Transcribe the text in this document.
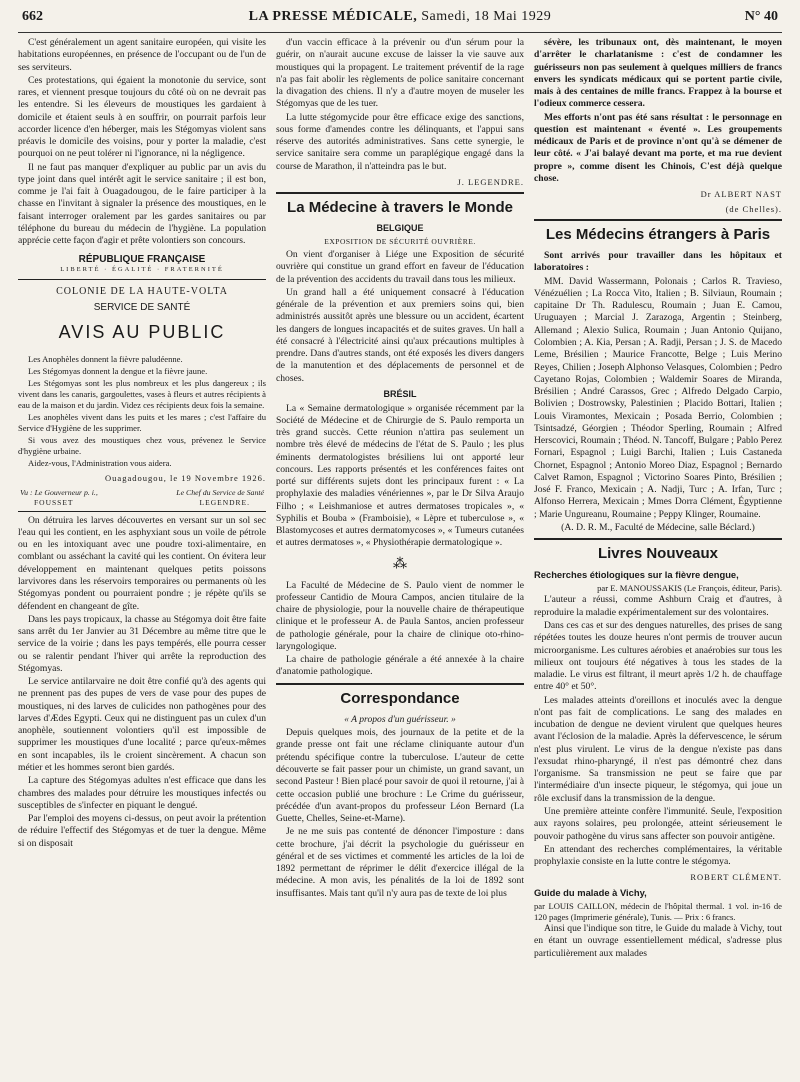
662	LA PRESSE MÉDICALE, Samedi, 18 Mai 1929	N° 40

C'est généralement un agent sanitaire européen, qui visite les habitations européennes, en présence de l'occupant ou de l'un de ses serviteurs.

Ces protestations, qui égaient la monotonie du service, sont rares, et viennent presque toujours du côté où on ne devrait pas les entendre. Si les éleveurs de moustiques les gardaient à domicile et étaient seuls à en souffrir, on pourrait parfois leur accorder licence d'en héberger, mais les Stégomyas violent sans préavis le domicile des voisins, pour y porter la maladie, c'est pourquoi on ne peut tolérer ni l'ignorance, ni la négligence.

Il ne faut pas manquer d'expliquer au public par un avis du type joint dans quel intérêt agit le service sanitaire ; il est bon, comme je l'ai fait à Ouagadougou, de le faire participer à la chasse en l'invitant à signaler la présence des moustiques, en le faisant interroger oralement par les gardes sanitaires ou par téléphone du bureau du médecin de l'hygiène. La population apprécie cette façon d'agir et prête volontiers son concours.

RÉPUBLIQUE FRANÇAISE
LIBERTÉ · ÉGALITÉ · FRATERNITÉ
COLONIE DE LA HAUTE-VOLTA
SERVICE DE SANTÉ
AVIS AU PUBLIC

Les Anophèles donnent la fièvre paludéenne.

Les Stégomyas donnent la dengue et la fièvre jaune.

Les Stégomyas sont les plus nombreux et les plus dangereux ; ils vivent dans les canaris, gargoulettes, vases à fleurs et autres récipients à eau de la maison et du jardin. Videz ces récipients deux fois la semaine.

Les anophèles vivent dans les puits et les mares ; c'est l'affaire du Service d'Hygiène de les supprimer.

Si vous avez des moustiques chez vous, prévenez le Service d'hygiène urbaine.

Aidez-vous, l'Administration vous aidera.

Ouagadougou, le 19 Novembre 1926.
Vu : Le Gouverneur p. i.,	Le Chef du Service de Santé
FOUSSET	LEGENDRE.

On détruira les larves découvertes en versant sur un sol sec l'eau qui les contient, en les asphyxiant sous un voile de pétrole ou en les intoxiquant avec une poudre toxi-alimentaire, en comblant ou asséchant la cavité qui les contient. On évitera leur développement en maintenant quelques petits poissons larvivores dans les réservoirs temporaires ou permanents où les Stégomyas pondent ou pourraient pondre ; je répète qu'ils se défendent en changeant de gîte.

Dans les pays tropicaux, la chasse au Stégomya doit être faite sans arrêt du 1er Janvier au 31 Décembre au même titre que le service de la voirie ; dans les pays tempérés, elle pourra cesser ou se ralentir pendant l'hiver qui arrête la reproduction des Stégomyas.

Le service antilarvaire ne doit être confié qu'à des agents qui ne prennent pas des pupes de vers de vase pour des pupes de moustiques, ni des larves de culicides non pathogènes pour des larves d'Ædes Egypti. Ceux qui ne distinguent pas un culex d'un anophèle, soutiennent volontiers qu'il est impossible de supprimer les moustiques d'une localité ; parce qu'eux-mêmes en sont incapables, ils le croient sincèrement. A chacun son métier et les hommes seront bien gardés.

La capture des Stégomyas adultes n'est efficace que dans les chambres des malades pour détruire les moustiques infectés ou susceptibles de s'infecter en piquant le dengué.

Par l'emploi des moyens ci-dessus, on peut avoir la prétention de réduire l'effectif des Stégomyas et de tuer la dengue. Même si on disposait

d'un vaccin efficace à la prévenir ou d'un sérum pour la guérir, on n'aurait aucune excuse de laisser la vie sauve aux moustiques qui la propagent. Le traitement préventif de la rage n'a pas fait abolir les règlements de police sanitaire concernant la divagation des chiens. Il n'y a d'autre moyen de museler les Stégomyas que de les tuer.

La lutte stégomycide pour être efficace exige des sanctions, sous forme d'amendes contre les délinquants, et l'appui sans réserve des autorités administratives. Sans cette synergie, le service sanitaire sera comme un paraplégique engagé dans la course de Marathon, il n'atteindra pas le but.

J. LEGENDRE.
La Médecine à travers le Monde
BELGIQUE
EXPOSITION DE SÉCURITÉ OUVRIÈRE.

On vient d'organiser à Liége une Exposition de sécurité ouvrière qui constitue un grand effort en faveur de l'éducation de la prévention des accidents du travail dans tous les milieux.

Un grand hall a été uniquement consacré à l'éducation générale de la prévention et aux premiers soins qui, bien administrés aussitôt après une blessure ou un accident, écartent les dangers de longues incapacités et de suites graves. Un hall a été consacré à l'électricité ainsi qu'aux précautions multiples à prendre. Dans d'autres stands, ont été exposés les divers dangers de la manutention et des déplacements de personnel et de choses.

BRÉSIL

La « Semaine dermatologique » organisée récemment par la Société de Médecine et de Chirurgie de S. Paulo remporta un très grand succès. Cette réunion n'attira pas seulement un nombre très élevé de médecins de l'état de S. Paulo ; les plus éminents dermatologistes brésiliens lui ont apporté leur concours. Les rapports présentés et les conférences faites ont porté sur différents sujets dont les principaux furent : « La prophylaxie des maladies vénériennes », par le Dr Silva Araujo Filho ; « Leishmaniose et autres dermatoses tropicales », « Syphilis et Bouba » (Framboisie), « Lèpre et tuberculose », « Blastomycoses et autres dermatomycoses », « Tumeurs cutanées et autres dermatoses », « Physiothérapie dermatologique ».

⁂

La Faculté de Médecine de S. Paulo vient de nommer le professeur Cantidio de Moura Campos, ancien titulaire de la chaire de physiologie, pour la nouvelle chaire de thérapeutique clinique et le professeur A. de Paula Santos, ancien professeur de pathologie générale, pour la chaire de clinique oto-rhino-laryngologique.

La chaire de pathologie générale a été annexée à la chaire d'anatomie pathologique.

Correspondance

« A propos d'un guérisseur. »

Depuis quelques mois, des journaux de la petite et de la grande presse ont fait une réclame cliniquante autour d'un prétendu spécifique contre la tuberculose. L'auteur de cette découverte se fait passer pour un chimiste, un grand savant, un second Pasteur ! Bien placé pour savoir de quoi il retourne, j'ai à cette occasion publié une brochure : Le Crime du guérisseur, précédée d'un avant-propos du professeur Léon Bernard (La Guette, Chelles, Seine-et-Marne).

Je ne me suis pas contenté de dénoncer l'imposture : dans cette brochure, j'ai décrit la psychologie du guérisseur en général et de ses victimes et commenté les articles de la loi de 1892 permettant de réprimer le délit d'exercice illégal de la médecine. A mon avis, les pénalités de la loi de 1892 sont insuffisantes. Mais tant qu'il n'y aura pas de texte de loi plus

sévère, les tribunaux ont, dès maintenant, le moyen d'arrêter le charlatanisme : c'est de condamner les guérisseurs non pas seulement à quelques milliers de francs envers les syndicats médicaux qui se portent partie civile, mais à des centaines de mille francs. Frappez à la bourse et l'odieux commerce cessera.

Mes efforts n'ont pas été sans résultat : le personnage en question est maintenant « éventé ». Les groupements médicaux de Paris et de province n'ont qu'à se démener de leur côté. « J'ai balayé devant ma porte, et ma rue devient propre », comme disent les Chinois, C'est déjà quelque chose.

Dr ALBERT NAST
(de Chelles).
Les Médecins étrangers à Paris

Sont arrivés pour travailler dans les hôpitaux et laboratoires :

MM. David Wassermann, Polonais ; Carlos R. Travieso, Vénézuélien ; La Rocca Vito, Italien ; B. Silviaun, Roumain ; capitaine Dr Th. Radulescu, Roumain ; Juan E. Camou, Uruguayen ; Marcial J. Zarazoga, Argentin ; Steinberg, Allemand ; Alexio Sulica, Roumain ; Juan Antonio Quijano, Colombien ; A. Kia, Persan ; A. Radji, Persan ; J. S. de Macedo Leme, Brésilien ; Maurice Francotte, Belge ; Luis Merino Reyes, Chilien ; Joseph Alphonso Velasques, Colombien ; Pedro Cayetano Rojas, Colombien ; Waldemir Soares de Miranda, Brésilien ; André Carassos, Grec ; Alfredo Delgado Carpio, Bolivien ; Dostrowsky, Palestinien ; Placido Bottari, Italien ; Louis Viramontes, Mexicain ; Posada Berrio, Colombien ; Tsintsadzé, Géorgien ; Théodor Sperling, Roumain ; Alfred Herscovici, Roumain ; Théod. N. Tancoff, Bulgare ; Pablo Perez Fornari, Espagnol ; Luigi Barchi, Italien ; Luis Castaneda Chornet, Espagnol ; Antonio Moreo Diaz, Espagnol ; Bernardo Calvet Ramon, Espagnol ; Victorino Soares Pinto, Brésilien ; José F. Franco, Mexicain ; A. Nadji, Turc ; A. Irfan, Turc ; Alfonso Herrera, Mexicain ; Mmes Dorra Clément, Égyptienne ; Marie Ungureanu, Roumaine ; Peppy Klinger, Roumaine.

(A. D. R. M., Faculté de Médecine, salle Béclard.)

Livres Nouveaux
Recherches étiologiques sur la fièvre dengue,
par E. MANOUSSAKIS (Le François, éditeur, Paris).

L'auteur a réussi, comme Ashburn Craig et d'autres, à reproduire la maladie expérimentalement sur des volontaires.

Dans ces cas et sur des dengues naturelles, des prises de sang répétées toutes les douze heures n'ont permis de trouver aucun microorganisme. Les cultures aérobies et anaérobies sur tous les milieux ont toujours été négatives à tous les stades de la maladie. Le virus est filtrant, il meurt après 1/2 h. de chauffage entre 40° et 50°.

Les malades atteints d'oreillons et inoculés avec la dengue n'ont pas fait de complications. Le sang des malades en incubation de dengue ne devient virulent que quelques heures avant l'éclosion de la maladie. Après la défervescence, le sérum n'est plus virulent. Le virus de la dengue n'existe pas dans l'exsudat rhino-pharyngé, il n'est pas démontré chez dans l'organisme. Sa transmission ne peut se faire que par l'intermédiaire d'un insecte piqueur, le stégomya, qui joue un rôle exclusif dans la transmission de la dengue.

Une première atteinte confère l'immunité. Seule, l'exposition aux rayons solaires, peu prolongée, atteint sérieusement le pouvoir pathogène du virus sans affecter son pouvoir antigène.

En attendant des recherches complémentaires, la véritable prophylaxie consiste en la lutte contre le stégomya.

ROBERT CLÉMENT.
Guide du malade à Vichy,
par LOUIS CAILLON, médecin de l'hôpital thermal. 1 vol. in-16 de 120 pages (Imprimerie générale), Tunis. — Prix : 6 francs.

Ainsi que l'indique son titre, le Guide du malade à Vichy, tout en étant un ouvrage essentiellement médical, s'adresse plus particulièrement aux malades
